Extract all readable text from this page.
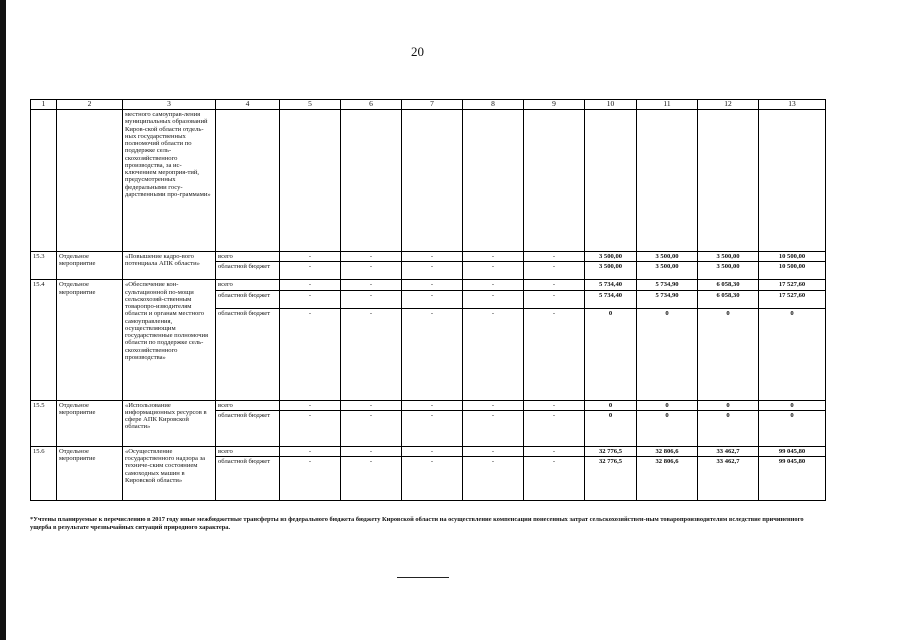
20
1	2	3	4	5	6	7	8	9	10	11	12	13
		местного самоуправ-ления муниципальных образований Киров-ской области отдель-ных государственных полномочий области по поддержке сель-скохозяйственного производства, за ис-ключением мероприя-тий, предусмотренных федеральными госу-дарственными про-граммами»										
15.3	Отдельное мероприятие	«Повышение кадро-вого потенциала АПК области»	всего	-	-	-	-	-	3 500,00	3 500,00	3 500,00	10 500,00
			областной бюджет	-	-	-	-	-	3 500,00	3 500,00	3 500,00	10 500,00
15.4	Отдельное мероприятие	«Обеспечение кон-сультационной по-мощи сельскохозяй-ственным товаропро-изводителям области и органам местного самоуправления, осуществляющим государственные полномочия области по поддержке сель-скохозяйственного производства»	всего	-	-	-	-	-	5 734,40	5 734,90	6 058,30	17 527,60
			областной бюджет	-	-	-	-	-	5 734,40	5 734,90	6 058,30	17 527,60
			областной бюджет	-	-	-	-	-	0	0	0	0
15.5	Отдельное мероприятие	«Использование информационных ресурсов в сфере АПК Кировской области»	всего	-	-	-	-	-	0	0	0	0
			областной бюджет	-	-	-	-	-	0	0	0	0
15.6	Отдельное мероприятие	«Осуществление государственного надзора за техниче-ским состоянием самоходных машин в Кировской области»	всего	-	-	-	-	-	32 776,5	32 806,6	33 462,7	99 045,80
			областной бюджет	-	-	-	-	-	32 776,5	32 806,6	33 462,7	99 045,80
*Учтены планируемые к перечислению в 2017 году иные межбюджетные трансферты из федерального бюджета бюджету Кировской области на осуществление компенсации понесенных затрат сельскохозяйствен-ным товаропроизводителям вследствие причиненного ущерба в результате чрезвычайных ситуаций природного характера.
